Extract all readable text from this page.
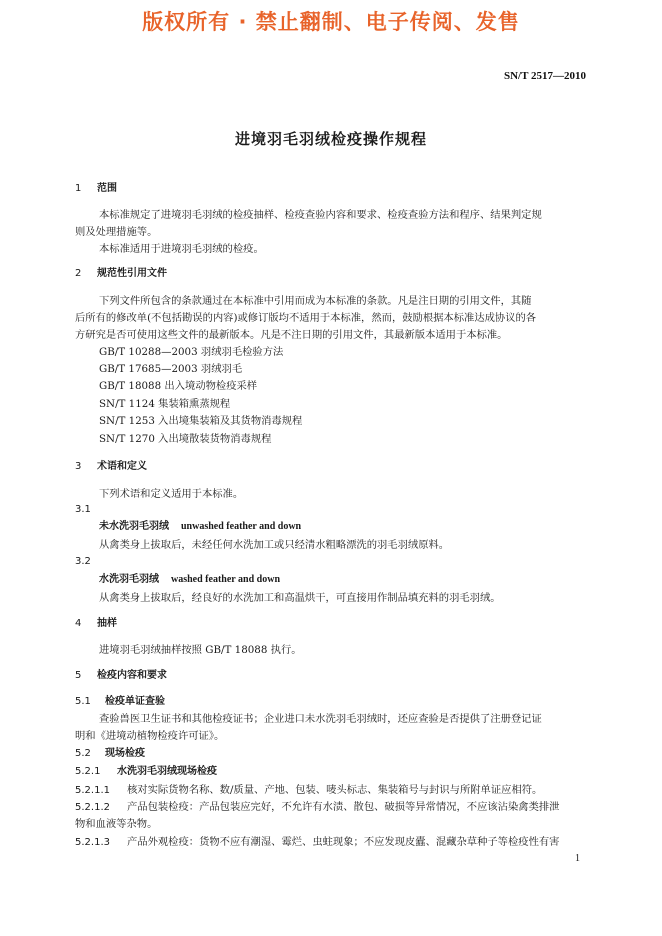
版权所有 · 禁止翻制、电子传阅、发售
SN/T 2517—2010
进境羽毛羽绒检疫操作规程
1 范围
本标准规定了进境羽毛羽绒的检疫抽样、检疫查验内容和要求、检疫查验方法和程序、结果判定规
则及处理措施等。
本标准适用于进境羽毛羽绒的检疫。
2 规范性引用文件
下列文件所包含的条款通过在本标准中引用而成为本标准的条款。凡是注日期的引用文件，其随
后所有的修改单(不包括勘误的内容)或修订版均不适用于本标准，然而，鼓励根据本标准达成协议的各
方研究是否可使用这些文件的最新版本。凡是不注日期的引用文件，其最新版本适用于本标准。
GB/T 10288—2003 羽绒羽毛检验方法
GB/T 17685—2003 羽绒羽毛
GB/T 18088 出入境动物检疫采样
SN/T 1124 集装箱熏蒸规程
SN/T 1253 入出境集装箱及其货物消毒规程
SN/T 1270 入出境散装货物消毒规程
3 术语和定义
下列术语和定义适用于本标准。
3.1
未水洗羽毛羽绒 unwashed feather and down
从禽类身上拔取后，未经任何水洗加工或只经清水粗略漂洗的羽毛羽绒原料。
3.2
水洗羽毛羽绒 washed feather and down
从禽类身上拔取后，经良好的水洗加工和高温烘干，可直接用作制品填充料的羽毛羽绒。
4 抽样
进境羽毛羽绒抽样按照 GB/T 18088 执行。
5 检疫内容和要求
5.1 检疫单证查验
查验兽医卫生证书和其他检疫证书；企业进口未水洗羽毛羽绒时，还应查验是否提供了注册登记证
明和《进境动植物检疫许可证》。
5.2 现场检疫
5.2.1 水洗羽毛羽绒现场检疫
5.2.1.1 核对实际货物名称、数/质量、产地、包装、唛头标志、集装箱号与封识与所附单证应相符。
5.2.1.2 产品包装检疫：产品包装应完好，不允许有水渍、散包、破损等异常情况，不应该沾染禽类排泄
物和血液等杂物。
5.2.1.3 产品外观检疫：货物不应有潮湿、霉烂、虫蛀现象；不应发现皮蠹、混藏杂草种子等检疫性有害
1
